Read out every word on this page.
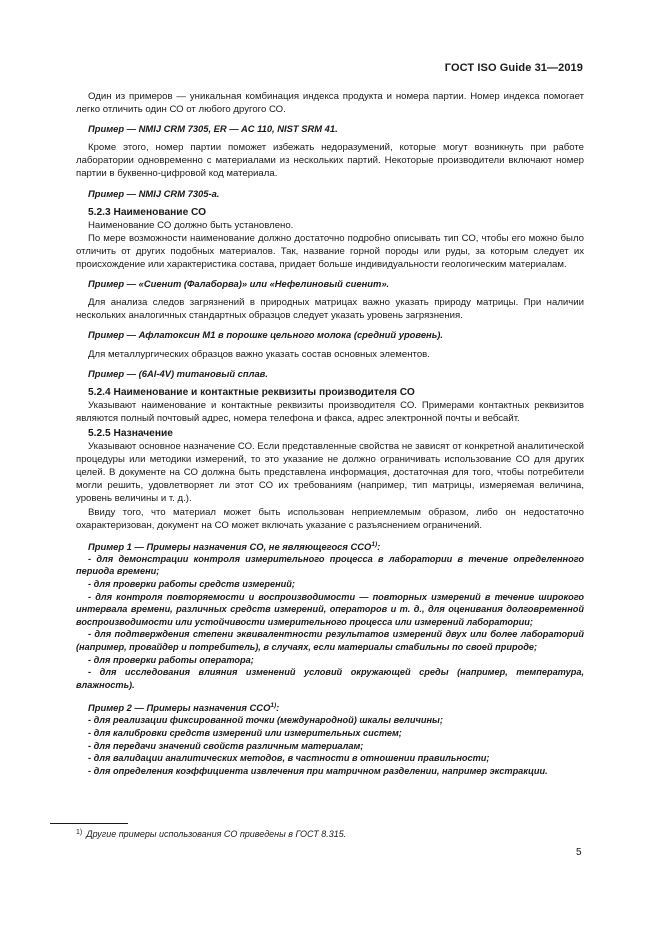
ГОСТ ISO Guide 31—2019

Один из примеров — уникальная комбинация индекса продукта и номера партии. Номер индекса помогает легко отличить один СО от любого другого СО.

Пример — NMIJ CRM 7305, ER — AC 110, NIST SRM 41.

Кроме этого, номер партии поможет избежать недоразумений, которые могут возникнуть при работе лаборатории одновременно с материалами из нескольких партий. Некоторые производители включают номер партии в буквенно-цифровой код материала.

Пример — NMIJ CRM 7305-а.

5.2.3 Наименование СО

Наименование СО должно быть установлено.

По мере возможности наименование должно достаточно подробно описывать тип СО, чтобы его можно было отличить от других подобных материалов. Так, название горной породы или руды, за которым следует их происхождение или характеристика состава, придает больше индивидуальности геологическим материалам.

Пример — «Сиенит (Фалаборва)» или «Нефелиновый сиенит».

Для анализа следов загрязнений в природных матрицах важно указать природу матрицы. При наличии нескольких аналогичных стандартных образцов следует указать уровень загрязнения.

Пример — Афлатоксин М1 в порошке цельного молока (средний уровень).

Для металлургических образцов важно указать состав основных элементов.

Пример — (6Al-4V) титановый сплав.

5.2.4 Наименование и контактные реквизиты производителя СО

Указывают наименование и контактные реквизиты производителя СО. Примерами контактных реквизитов являются полный почтовый адрес, номера телефона и факса, адрес электронной почты и вебсайт.

5.2.5 Назначение

Указывают основное назначение СО. Если представленные свойства не зависят от конкретной аналитической процедуры или методики измерений, то это указание не должно ограничивать использование СО для других целей. В документе на СО должна быть представлена информация, достаточная для того, чтобы потребители могли решить, удовлетворяет ли этот СО их требованиям (например, тип матрицы, измеряемая величина, уровень величины и т. д.).

Ввиду того, что материал может быть использован неприемлемым образом, либо он недостаточно охарактеризован, документ на СО может включать указание с разъяснением ограничений.

Пример 1 — Примеры назначения СО, не являющегося ССО$^{1)}$:

- для демонстрации контроля измерительного процесса в лаборатории в течение определенного периода времени;

- для проверки работы средств измерений;

- для контроля повторяемости и воспроизводимости — повторных измерений в течение широкого интервала времени, различных средств измерений, операторов и т. д., для оценивания долговременной воспроизводимости или устойчивости измерительного процесса или измерений лаборатории;

- для подтверждения степени эквивалентности результатов измерений двух или более лабораторий (например, провайдер и потребитель), в случаях, если материалы стабильны по своей природе;

- для проверки работы оператора;

- для исследования влияния изменений условий окружающей среды (например, температура, влажность).

Пример 2 — Примеры назначения ССО$^{1)}$:

- для реализации фиксированной точки (международной) шкалы величины;

- для калибровки средств измерений или измерительных систем;

- для передачи значений свойств различным материалам;

- для валидации аналитических методов, в частности в отношении правильности;

- для определения коэффициента извлечения при матричном разделении, например экстракции.

$^{1)}$ Другие примеры использования СО приведены в ГОСТ 8.315.
5
